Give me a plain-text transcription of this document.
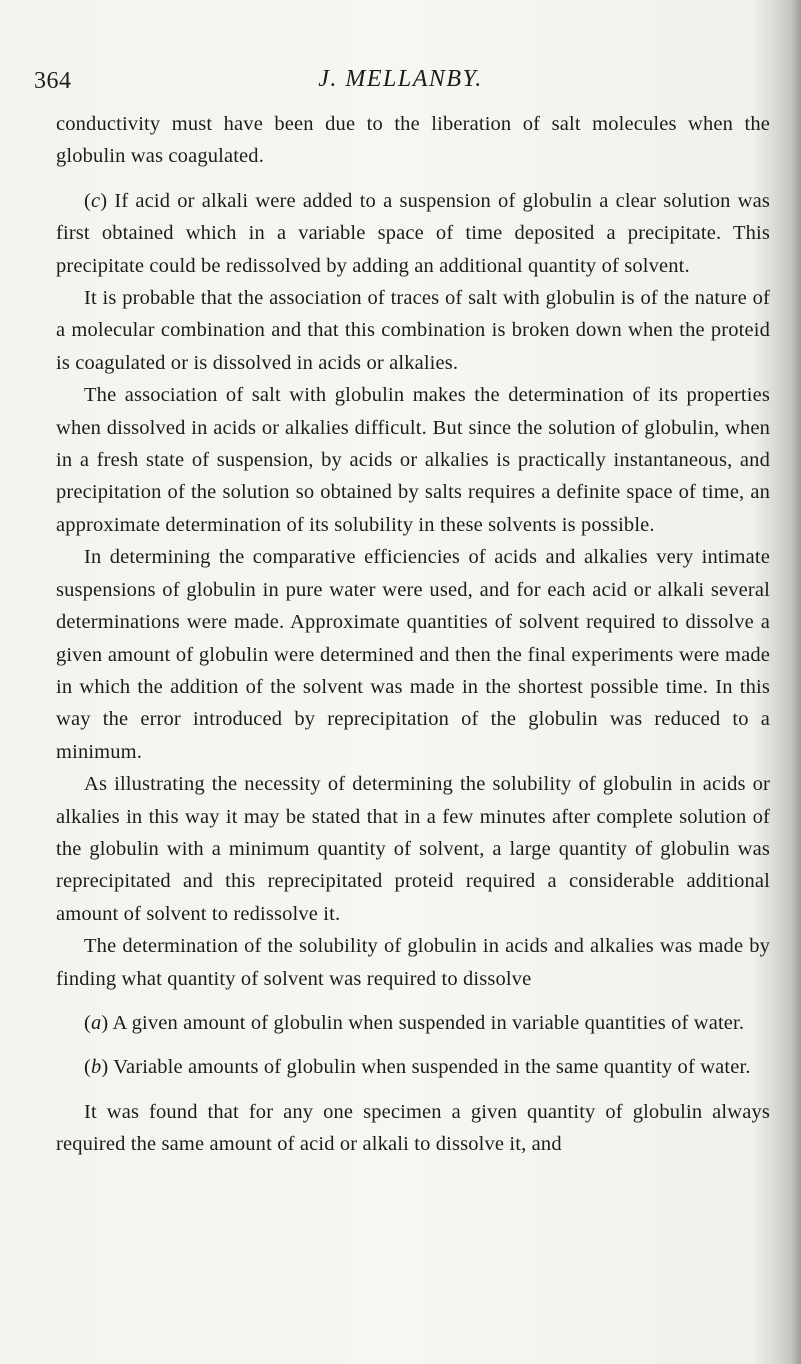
364	J. MELLANBY.

conductivity must have been due to the liberation of salt molecules when the globulin was coagulated.

(c) If acid or alkali were added to a suspension of globulin a clear solution was first obtained which in a variable space of time deposited a precipitate. This precipitate could be redissolved by adding an additional quantity of solvent.

It is probable that the association of traces of salt with globulin is of the nature of a molecular combination and that this combination is broken down when the proteid is coagulated or is dissolved in acids or alkalies.

The association of salt with globulin makes the determination of its properties when dissolved in acids or alkalies difficult. But since the solution of globulin, when in a fresh state of suspension, by acids or alkalies is practically instantaneous, and precipitation of the solution so obtained by salts requires a definite space of time, an approximate determination of its solubility in these solvents is possible.

In determining the comparative efficiencies of acids and alkalies very intimate suspensions of globulin in pure water were used, and for each acid or alkali several determinations were made. Approximate quantities of solvent required to dissolve a given amount of globulin were determined and then the final experiments were made in which the addition of the solvent was made in the shortest possible time. In this way the error introduced by reprecipitation of the globulin was reduced to a minimum.

As illustrating the necessity of determining the solubility of globulin in acids or alkalies in this way it may be stated that in a few minutes after complete solution of the globulin with a minimum quantity of solvent, a large quantity of globulin was reprecipitated and this reprecipitated proteid required a considerable additional amount of solvent to redissolve it.

The determination of the solubility of globulin in acids and alkalies was made by finding what quantity of solvent was required to dissolve

(a) A given amount of globulin when suspended in variable quantities of water.

(b) Variable amounts of globulin when suspended in the same quantity of water.

It was found that for any one specimen a given quantity of globulin always required the same amount of acid or alkali to dissolve it, and
